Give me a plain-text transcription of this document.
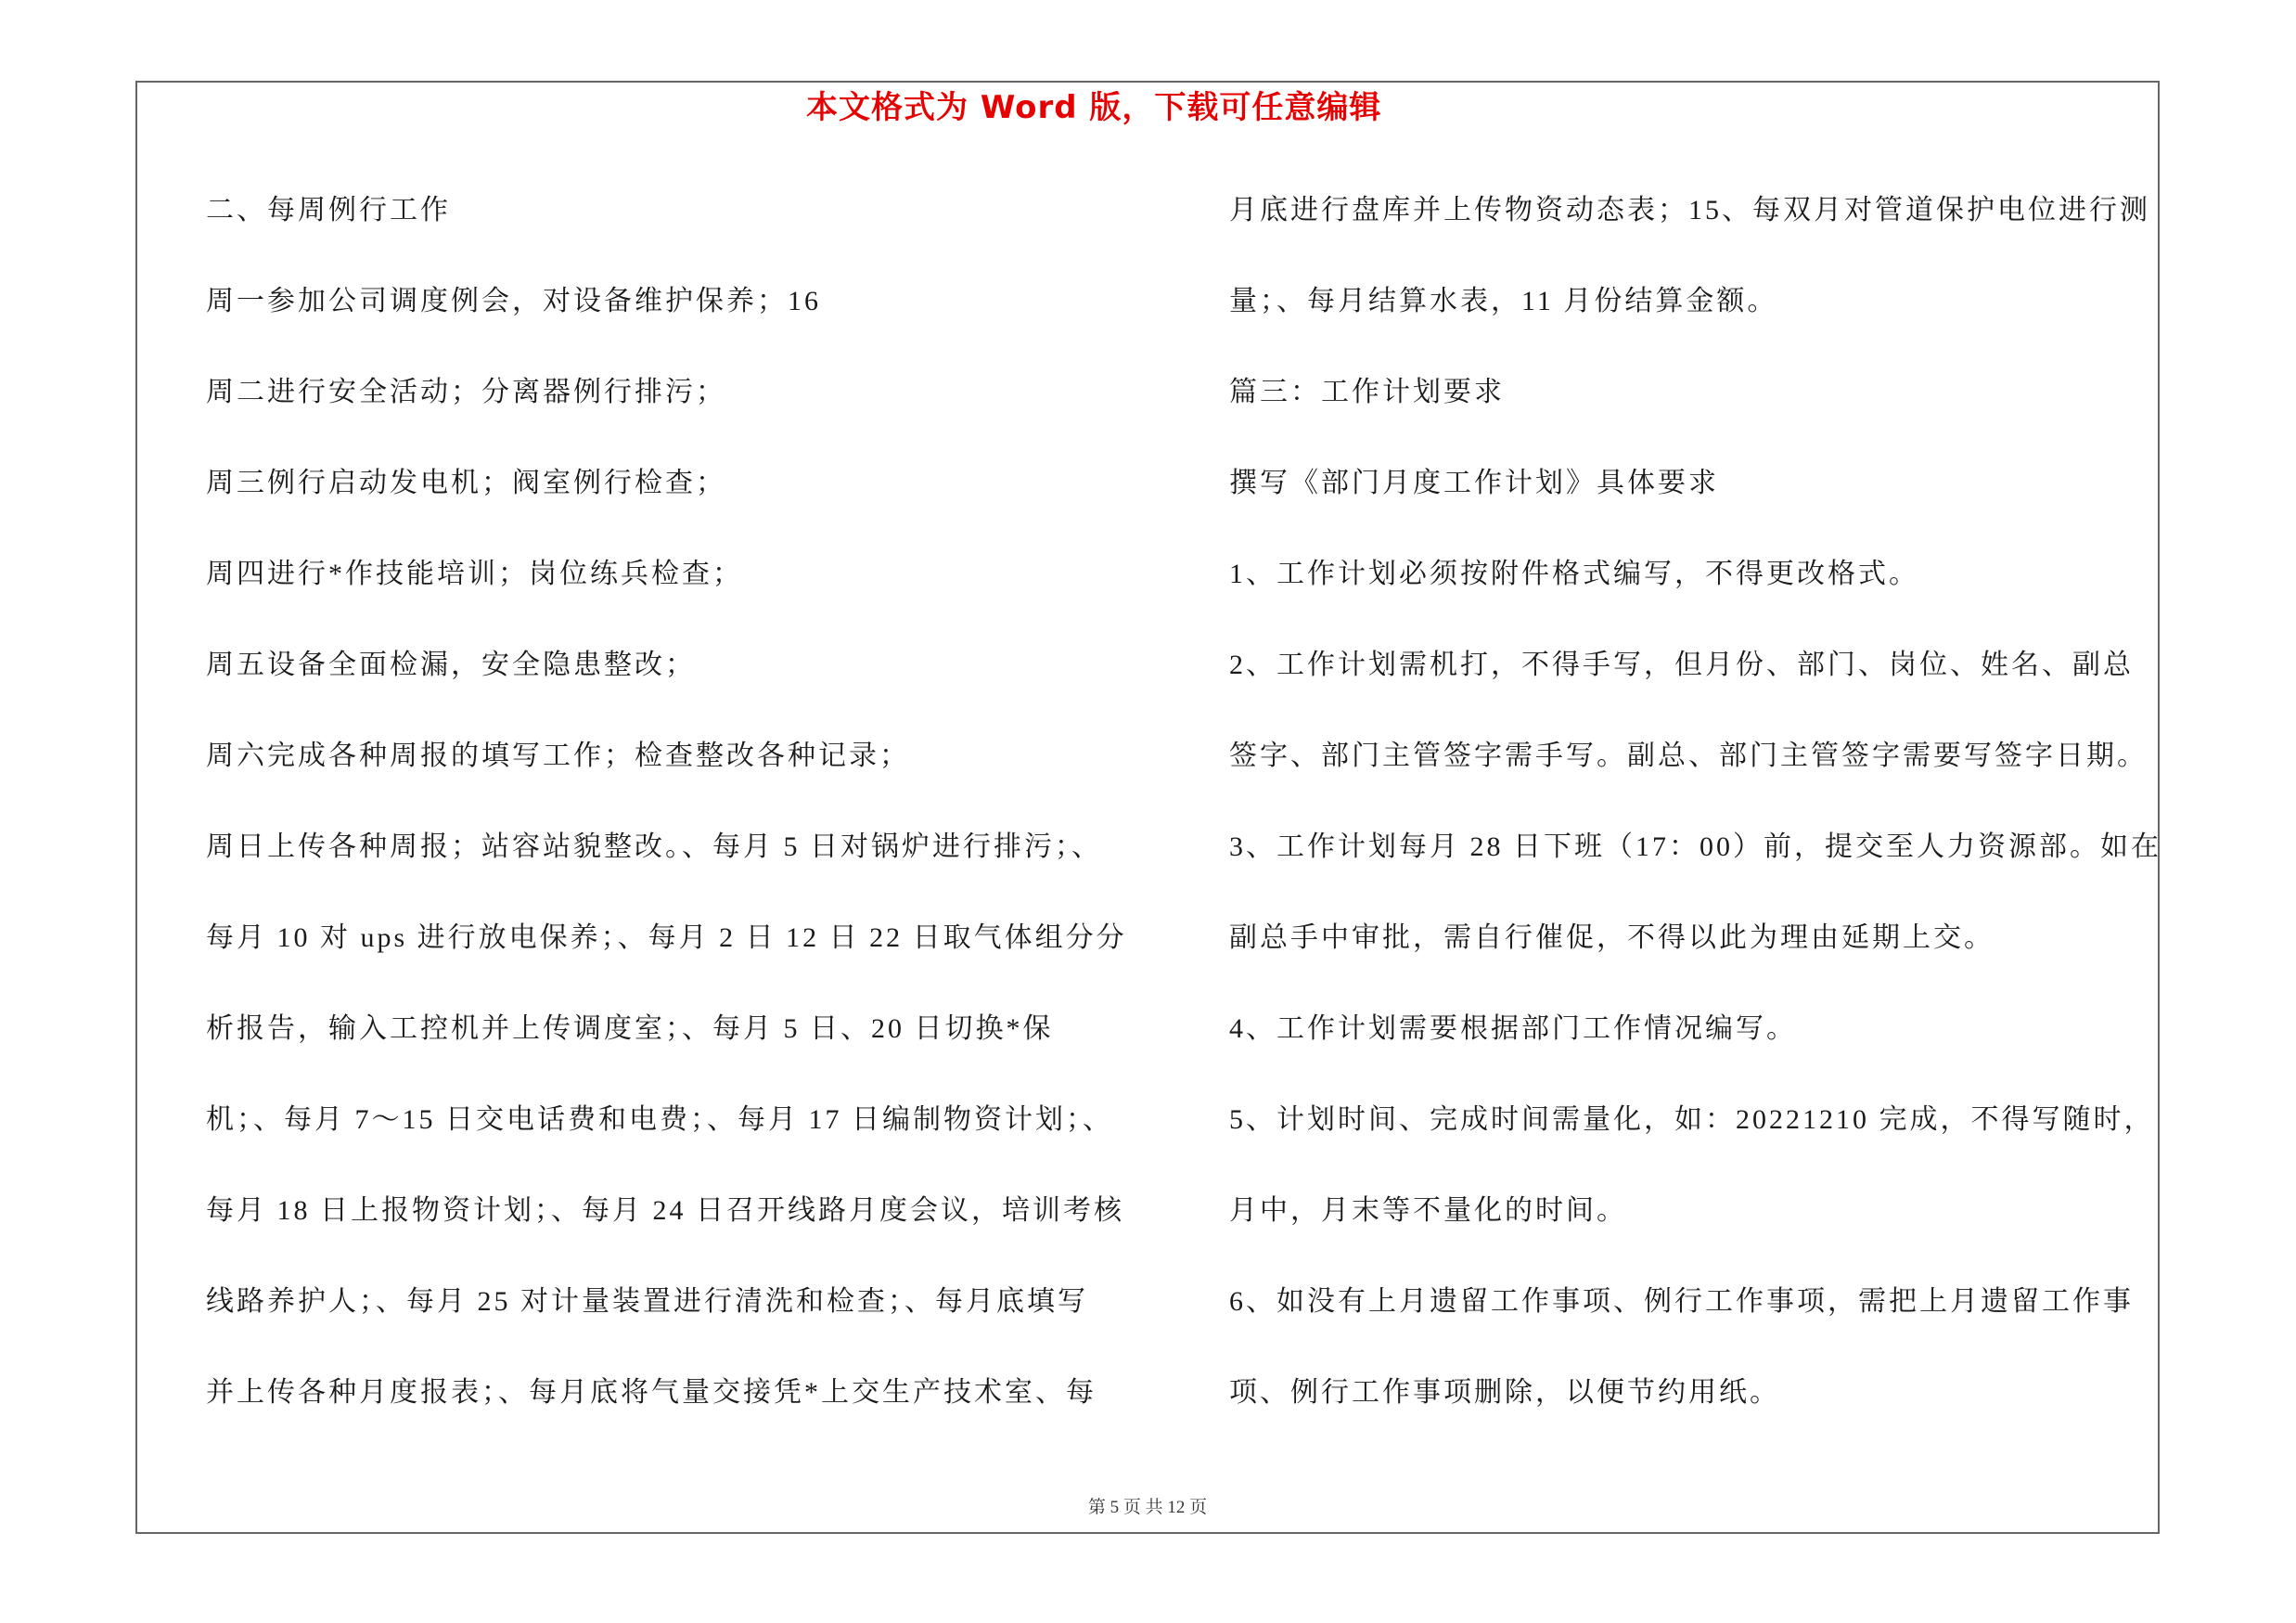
本文格式为 Word 版，下载可任意编辑
二、每周例行工作
周一参加公司调度例会，对设备维护保养；16
周二进行安全活动；分离器例行排污；
周三例行启动发电机；阀室例行检查；
周四进行*作技能培训；岗位练兵检查；
周五设备全面检漏，安全隐患整改；
周六完成各种周报的填写工作；检查整改各种记录；
周日上传各种周报；站容站貌整改。、每月 5 日对锅炉进行排污；、
每月 10 对 ups 进行放电保养；、每月 2 日 12 日 22 日取气体组分分
析报告，输入工控机并上传调度室；、每月 5 日、20 日切换*保
机；、每月 7～15 日交电话费和电费；、每月 17 日编制物资计划；、
每月 18 日上报物资计划；、每月 24 日召开线路月度会议，培训考核
线路养护人；、每月 25 对计量装置进行清洗和检查；、每月底填写
并上传各种月度报表；、每月底将气量交接凭*上交生产技术室、每
月底进行盘库并上传物资动态表；15、每双月对管道保护电位进行测
量；、每月结算水表，11 月份结算金额。
篇三：工作计划要求
撰写《部门月度工作计划》具体要求
1、工作计划必须按附件格式编写，不得更改格式。
2、工作计划需机打，不得手写，但月份、部门、岗位、姓名、副总
签字、部门主管签字需手写。副总、部门主管签字需要写签字日期。
3、工作计划每月 28 日下班（17：00）前，提交至人力资源部。如在
副总手中审批，需自行催促，不得以此为理由延期上交。
4、工作计划需要根据部门工作情况编写。
5、计划时间、完成时间需量化，如：20221210 完成，不得写随时，
月中，月末等不量化的时间。
6、如没有上月遗留工作事项、例行工作事项，需把上月遗留工作事
项、例行工作事项删除，以便节约用纸。
第 5 页 共 12 页
